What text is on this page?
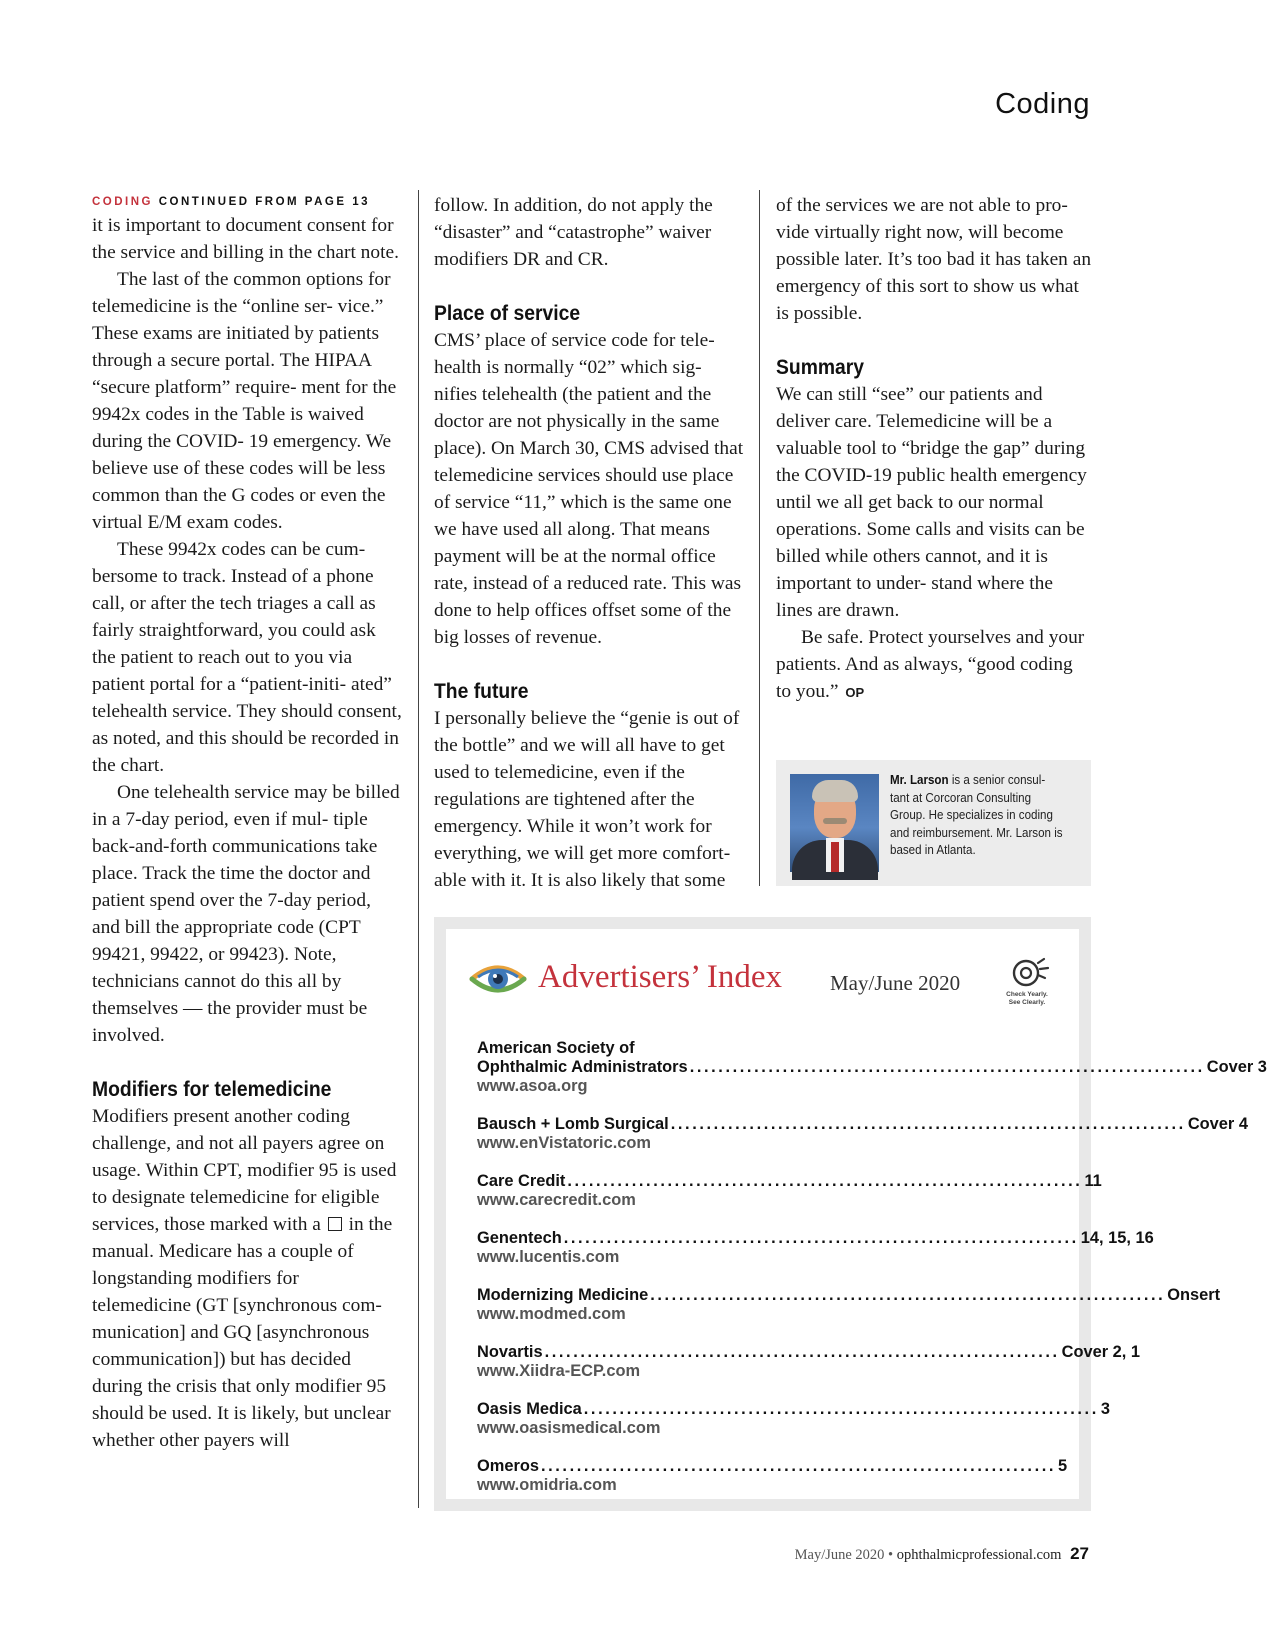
Coding
CODING CONTINUED FROM PAGE 13

it is important to document consent for the service and billing in the chart note.

The last of the common options for telemedicine is the “online ser- vice.” These exams are initiated by patients through a secure portal. The HIPAA “secure platform” require- ment for the 9942x codes in the Table is waived during the COVID- 19 emergency. We believe use of these codes will be less common than the G codes or even the virtual E/M exam codes.

These 9942x codes can be cum- bersome to track. Instead of a phone call, or after the tech triages a call as fairly straightforward, you could ask the patient to reach out to you via patient portal for a “patient-initi- ated” telehealth service. They should consent, as noted, and this should be recorded in the chart.

One telehealth service may be billed in a 7-day period, even if mul- tiple back-and-forth communications take place. Track the time the doctor and patient spend over the 7-day period, and bill the appropriate code (CPT 99421, 99422, or 99423). Note, technicians cannot do this all by themselves — the provider must be involved.

Modifiers for telemedicine

Modifiers present another coding challenge, and not all payers agree on usage. Within CPT, modifier 95 is used to designate telemedicine for eligible services, those marked with a in the manual. Medicare has a couple of longstanding modifiers for telemedicine (GT [synchronous com- munication] and GQ [asynchronous communication]) but has decided during the crisis that only modifier 95 should be used. It is likely, but unclear whether other payers will

follow. In addition, do not apply the “disaster” and “catastrophe” waiver modifiers DR and CR.

Place of service

CMS’ place of service code for tele- health is normally “02” which sig- nifies telehealth (the patient and the doctor are not physically in the same place). On March 30, CMS advised that telemedicine services should use place of service “11,” which is the same one we have used all along. That means payment will be at the normal office rate, instead of a reduced rate. This was done to help offices offset some of the big losses of revenue.

The future

I personally believe the “genie is out of the bottle” and we will all have to get used to telemedicine, even if the regulations are tightened after the emergency. While it won’t work for everything, we will get more comfort- able with it. It is also likely that some

of the services we are not able to pro- vide virtually right now, will become possible later. It’s too bad it has taken an emergency of this sort to show us what is possible.

Summary

We can still “see” our patients and deliver care. Telemedicine will be a valuable tool to “bridge the gap” during the COVID-19 public health emergency until we all get back to our normal operations. Some calls and visits can be billed while others cannot, and it is important to under- stand where the lines are drawn.

Be safe. Protect yourselves and your patients. And as always, “good coding to you.” OP

Mr. Larson is a senior consul- tant at Corcoran Consulting Group. He specializes in coding and reimbursement. Mr. Larson is based in Atlanta.
Advertisers’ Index May/June 2020	Check Yearly.
See Clearly.
American Society of
Ophthalmic Administrators ........................................................................ Cover 3
www.asoa.org
Bausch + Lomb Surgical ........................................................................ Cover 4
www.enVistatoric.com
Care Credit ........................................................................ 11
www.carecredit.com
Genentech ........................................................................ 14, 15, 16
www.lucentis.com
Modernizing Medicine ........................................................................ Onsert
www.modmed.com
Novartis ........................................................................ Cover 2, 1
www.Xiidra-ECP.com
Oasis Medica ........................................................................ 3
www.oasismedical.com
Omeros ........................................................................ 5
www.omidria.com
May/June 2020 • ophthalmicprofessional.com 27
